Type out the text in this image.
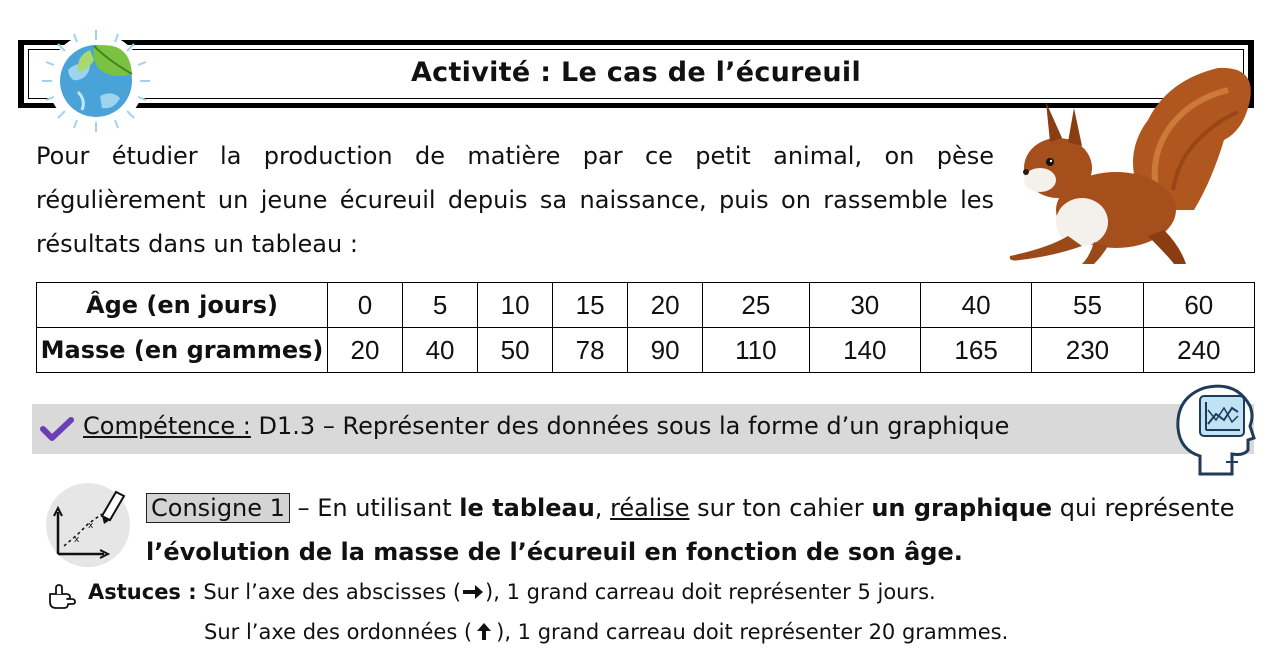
Activité : Le cas de l’écureuil
Pour étudier la production de matière par ce petit animal, on pèse régulièrement un jeune écureuil depuis sa naissance, puis on rassemble les résultats dans un tableau :
Âge (en jours)	0	5	10	15	20	25	30	40	55	60
Masse (en grammes)	20	40	50	78	90	110	140	165	230	240
Compétence : D1.3 – Représenter des données sous la forme d’un graphique
x
x
Consigne 1 – En utilisant le tableau, réalise sur ton cahier un graphique qui représente l’évolution de la masse de l’écureuil en fonction de son âge.
Astuces : Sur l’axe des abscisses ( ), 1 grand carreau doit représenter 5 jours.
Sur l’axe des ordonnées ( ), 1 grand carreau doit représenter 20 grammes.
